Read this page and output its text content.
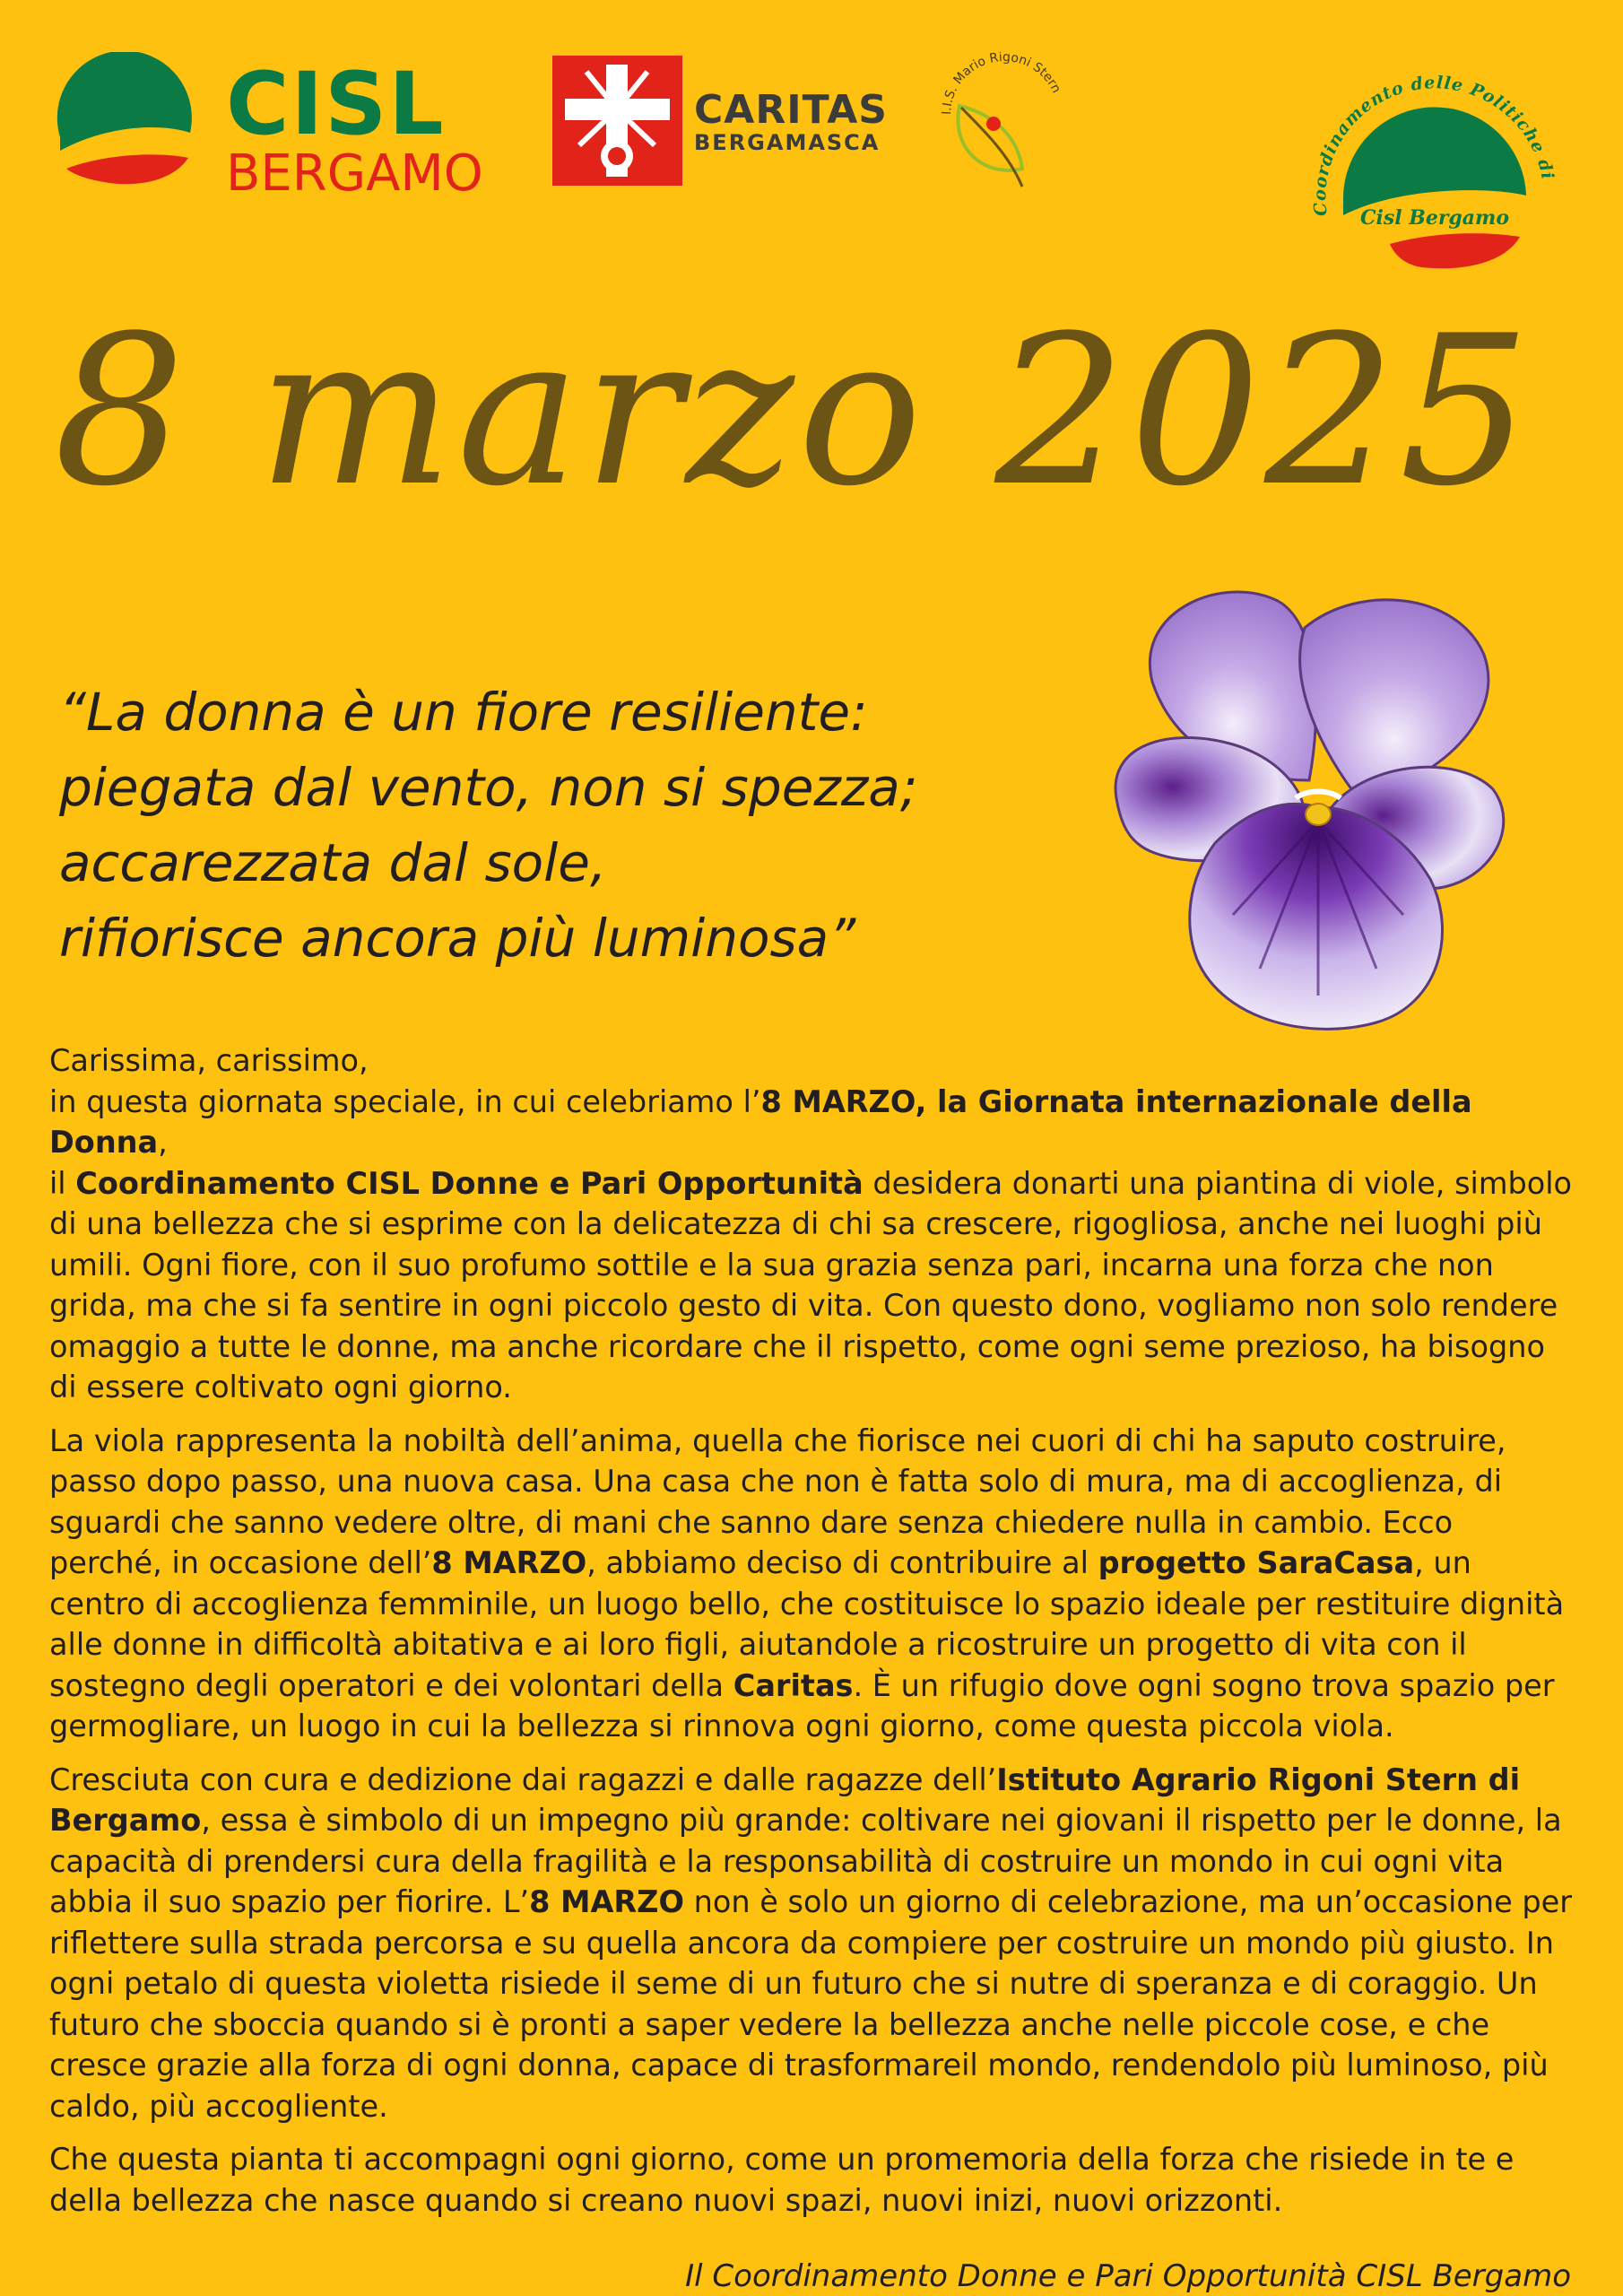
CISL
BERGAMO
CARITAS
BERGAMASCA
I.I.S. Mario Rigoni Stern
Coordinamento delle Politiche di
Cisl Bergamo
8 marzo 2025
“La donna è un fiore resiliente:
piegata dal vento, non si spezza;
accarezzata dal sole,
rifiorisce ancora più luminosa”

Carissima, carissimo,
in questa giornata speciale, in cui celebriamo l’8 MARZO, la Giornata internazionale della Donna,
il Coordinamento CISL Donne e Pari Opportunità desidera donarti una piantina di viole, simbolo di una bellezza che si esprime con la delicatezza di chi sa crescere, rigogliosa, anche nei luoghi più umili. Ogni fiore, con il suo profumo sottile e la sua grazia senza pari, incarna una forza che non grida, ma che si fa sentire in ogni piccolo gesto di vita. Con questo dono, vogliamo non solo rendere omaggio a tutte le donne, ma anche ricordare che il rispetto, come ogni seme prezioso, ha bisogno di essere coltivato ogni giorno.

La viola rappresenta la nobiltà dell’anima, quella che fiorisce nei cuori di chi ha saputo costruire, passo dopo passo, una nuova casa. Una casa che non è fatta solo di mura, ma di accoglienza, di sguardi che sanno vedere oltre, di mani che sanno dare senza chiedere nulla in cambio. Ecco perché, in occasione dell’8 MARZO, abbiamo deciso di contribuire al progetto SaraCasa, un centro di accoglienza femminile, un luogo bello, che costituisce lo spazio ideale per restituire dignità alle donne in difficoltà abitativa e ai loro figli, aiutandole a ricostruire un progetto di vita con il sostegno degli operatori e dei volontari della Caritas. È un rifugio dove ogni sogno trova spazio per germogliare, un luogo in cui la bellezza si rinnova ogni giorno, come questa piccola viola.

Cresciuta con cura e dedizione dai ragazzi e dalle ragazze dell’Istituto Agrario Rigoni Stern di Bergamo, essa è simbolo di un impegno più grande: coltivare nei giovani il rispetto per le donne, la capacità di prendersi cura della fragilità e la responsabilità di costruire un mondo in cui ogni vita abbia il suo spazio per fiorire. L’8 MARZO non è solo un giorno di celebrazione, ma un’occasione per riflettere sulla strada percorsa e su quella ancora da compiere per costruire un mondo più giusto. In ogni petalo di questa violetta risiede il seme di un futuro che si nutre di speranza e di coraggio. Un futuro che sboccia quando si è pronti a saper vedere la bellezza anche nelle piccole cose, e che cresce grazie alla forza di ogni donna, capace di trasformareil mondo, rendendolo più luminoso, più caldo, più accogliente.

Che questa pianta ti accompagni ogni giorno, come un promemoria della forza che risiede in te e della bellezza che nasce quando si creano nuovi spazi, nuovi inizi, nuovi orizzonti.

Il Coordinamento Donne e Pari Opportunità CISL Bergamo
